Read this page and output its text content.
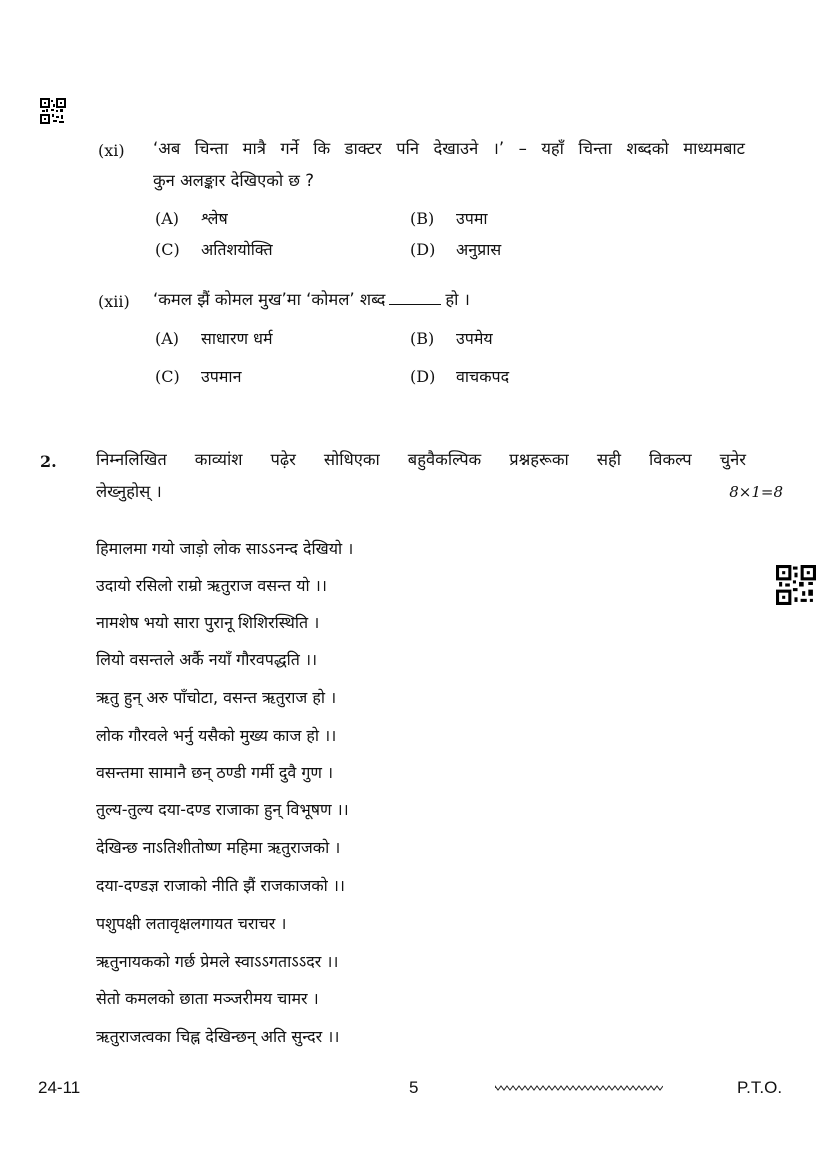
(xi) ‘अब चिन्ता मात्रै गर्ने कि डाक्टर पनि देखाउने ।’ – यहाँ चिन्ता शब्दको माध्यमबाट
कुन अलङ्कार देखिएको छ ?
(A) श्लेष	(B) उपमा
(C) अतिशयोक्ति	(D) अनुप्रास
(xii) ‘कमल झैं कोमल मुख’मा ‘कोमल’ शब्द	हो ।
(A) साधारण धर्म	(B) उपमेय
(C) उपमान	(D) वाचकपद
2. निम्नलिखित काव्यांश पढ़ेर सोधिएका बहुवैकल्पिक प्रश्नहरूका सही विकल्प चुनेर
लेख्नुहोस् ।	8×1=8
हिमालमा गयो जाड़ो लोक साऽऽनन्द देखियो ।
उदायो रसिलो राम्रो ऋतुराज वसन्त यो ।।
नामशेष भयो सारा पुरानू शिशिरस्थिति ।
लियो वसन्तले अर्कै नयाँ गौरवपद्धति ।।
ऋतु हुन् अरु पाँचोटा, वसन्त ऋतुराज हो ।
लोक गौरवले भर्नु यसैको मुख्य काज हो ।।
वसन्तमा सामानै छन् ठण्डी गर्मी दुवै गुण ।
तुल्य-तुल्य दया-दण्ड राजाका हुन् विभूषण ।।
देखिन्छ नाऽतिशीतोष्ण महिमा ऋतुराजको ।
दया-दण्डज्ञ राजाको नीति झैं राजकाजको ।।
पशुपक्षी लतावृक्षलगायत चराचर ।
ऋतुनायकको गर्छ प्रेमले स्वाऽऽगताऽऽदर ।।
सेतो कमलको छाता मञ्जरीमय चामर ।
ऋतुराजत्वका चिह्न देखिन्छन् अति सुन्दर ।।
24-11	5	P.T.O.
